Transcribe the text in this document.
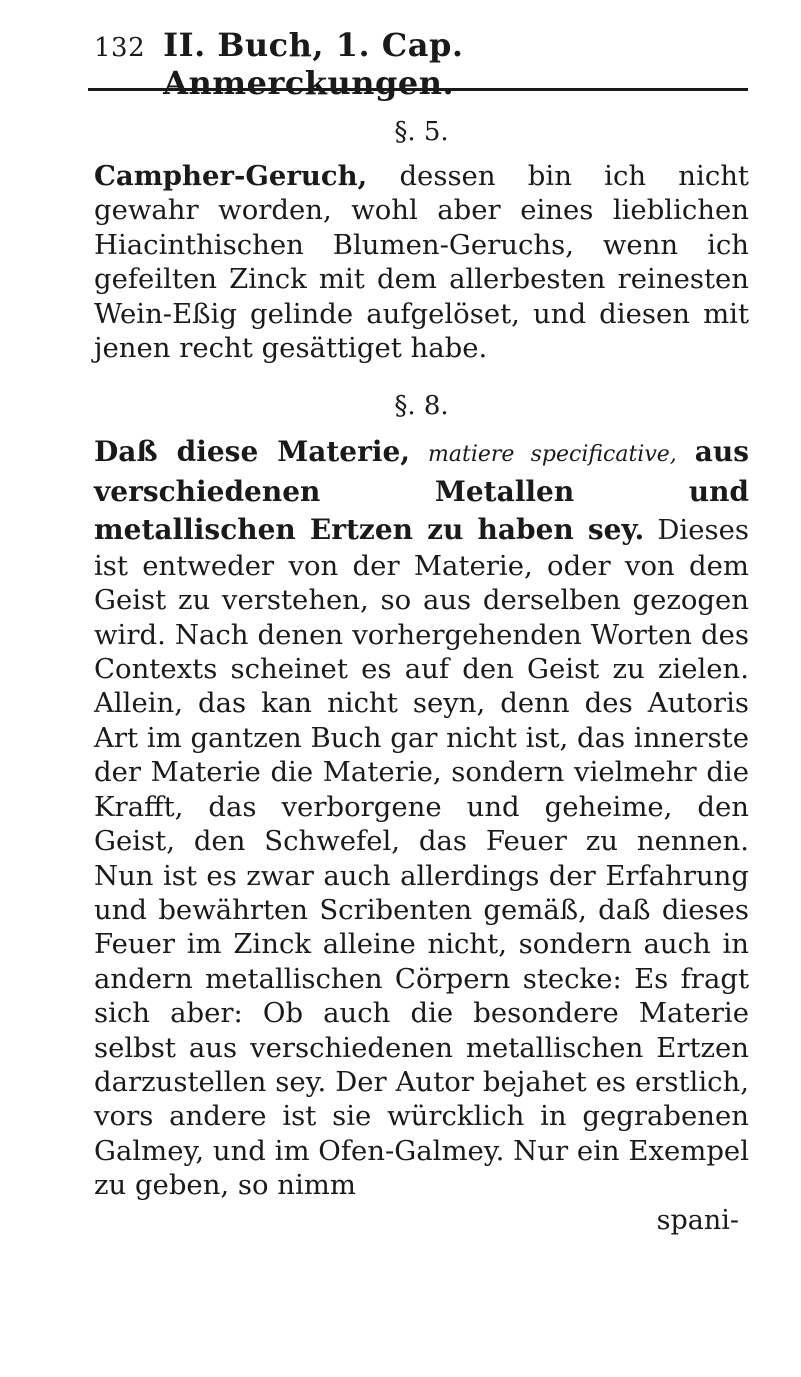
132 II. Buch, 1. Cap. Anmerckungen.
§. 5.

Campher-Geruch, dessen bin ich nicht gewahr worden, wohl aber eines lieblichen Hiacinthischen Blumen-Geruchs, wenn ich gefeilten Zinck mit dem allerbesten reinesten Wein-Eßig gelinde aufgelöset, und diesen mit jenen recht gesättiget habe.

§. 8.

Daß diese Materie, matiere specificative, aus verschiedenen Metallen und metallischen Ertzen zu haben sey. Dieses ist entweder von der Materie, oder von dem Geist zu verstehen, so aus derselben gezogen wird. Nach denen vorhergehenden Worten des Contexts scheinet es auf den Geist zu zielen. Allein, das kan nicht seyn, denn des Autoris Art im gantzen Buch gar nicht ist, das innerste der Materie die Materie, sondern vielmehr die Krafft, das verborgene und geheime, den Geist, den Schwefel, das Feuer zu nennen. Nun ist es zwar auch allerdings der Erfahrung und bewährten Scribenten gemäß, daß dieses Feuer im Zinck alleine nicht, sondern auch in andern metallischen Cörpern stecke: Es fragt sich aber: Ob auch die besondere Materie selbst aus verschiedenen metallischen Ertzen darzustellen sey. Der Autor bejahet es erstlich, vors andere ist sie würcklich in gegrabenen Galmey, und im Ofen-Galmey. Nur ein Exempel zu geben, so nimm

spani-
